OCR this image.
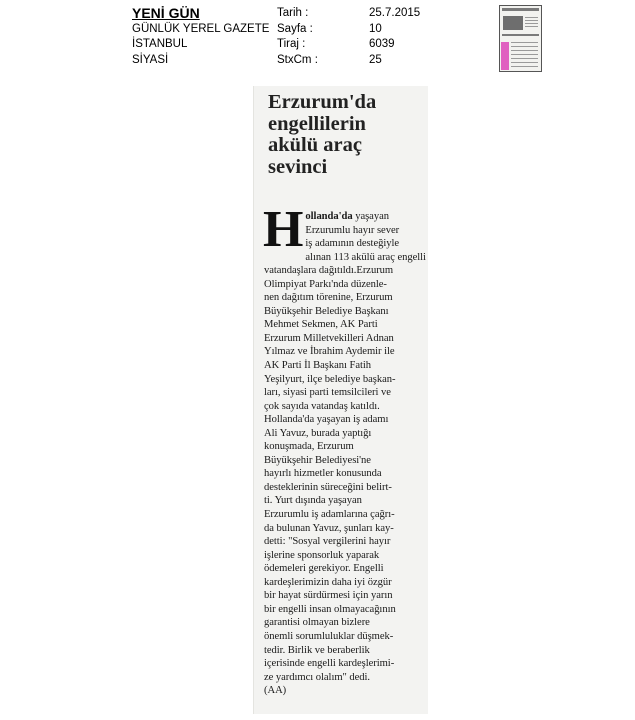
YENİ GÜN	Tarih :	25.7.2015
GÜNLÜK YEREL GAZETE Sayfa :	10
İSTANBUL	Tiraj :	6039
SİYASİ	StxCm :	25
Erzurum'da
engellilerin
akülü araç
sevinci
H ollanda'da yaşayan

Erzurumlu hayır sever

iş adamının desteğiyle

alınan 113 akülü araç engelli

vatandaşlara dağıtıldı.Erzurum

Olimpiyat Parkı'nda düzenle-

nen dağıtım törenine, Erzurum

Büyükşehir Belediye Başkanı

Mehmet Sekmen, AK Parti

Erzurum Milletvekilleri Adnan

Yılmaz ve İbrahim Aydemir ile

AK Parti İl Başkanı Fatih

Yeşilyurt, ilçe belediye başkan-

ları, siyasi parti temsilcileri ve

çok sayıda vatandaş katıldı.

Hollanda'da yaşayan iş adamı

Ali Yavuz, burada yaptığı

konuşmada, Erzurum

Büyükşehir Belediyesi'ne

hayırlı hizmetler konusunda

desteklerinin süreceğini belirt-

ti. Yurt dışında yaşayan

Erzurumlu iş adamlarına çağrı-

da bulunan Yavuz, şunları kay-

detti: "Sosyal vergilerini hayır

işlerine sponsorluk yaparak

ödemeleri gerekiyor. Engelli

kardeşlerimizin daha iyi özgür

bir hayat sürdürmesi için yarın

bir engelli insan olmayacağının

garantisi olmayan bizlere

önemli sorumluluklar düşmek-

tedir. Birlik ve beraberlik

içerisinde engelli kardeşlerimi-

ze yardımcı olalım" dedi.

(AA)
